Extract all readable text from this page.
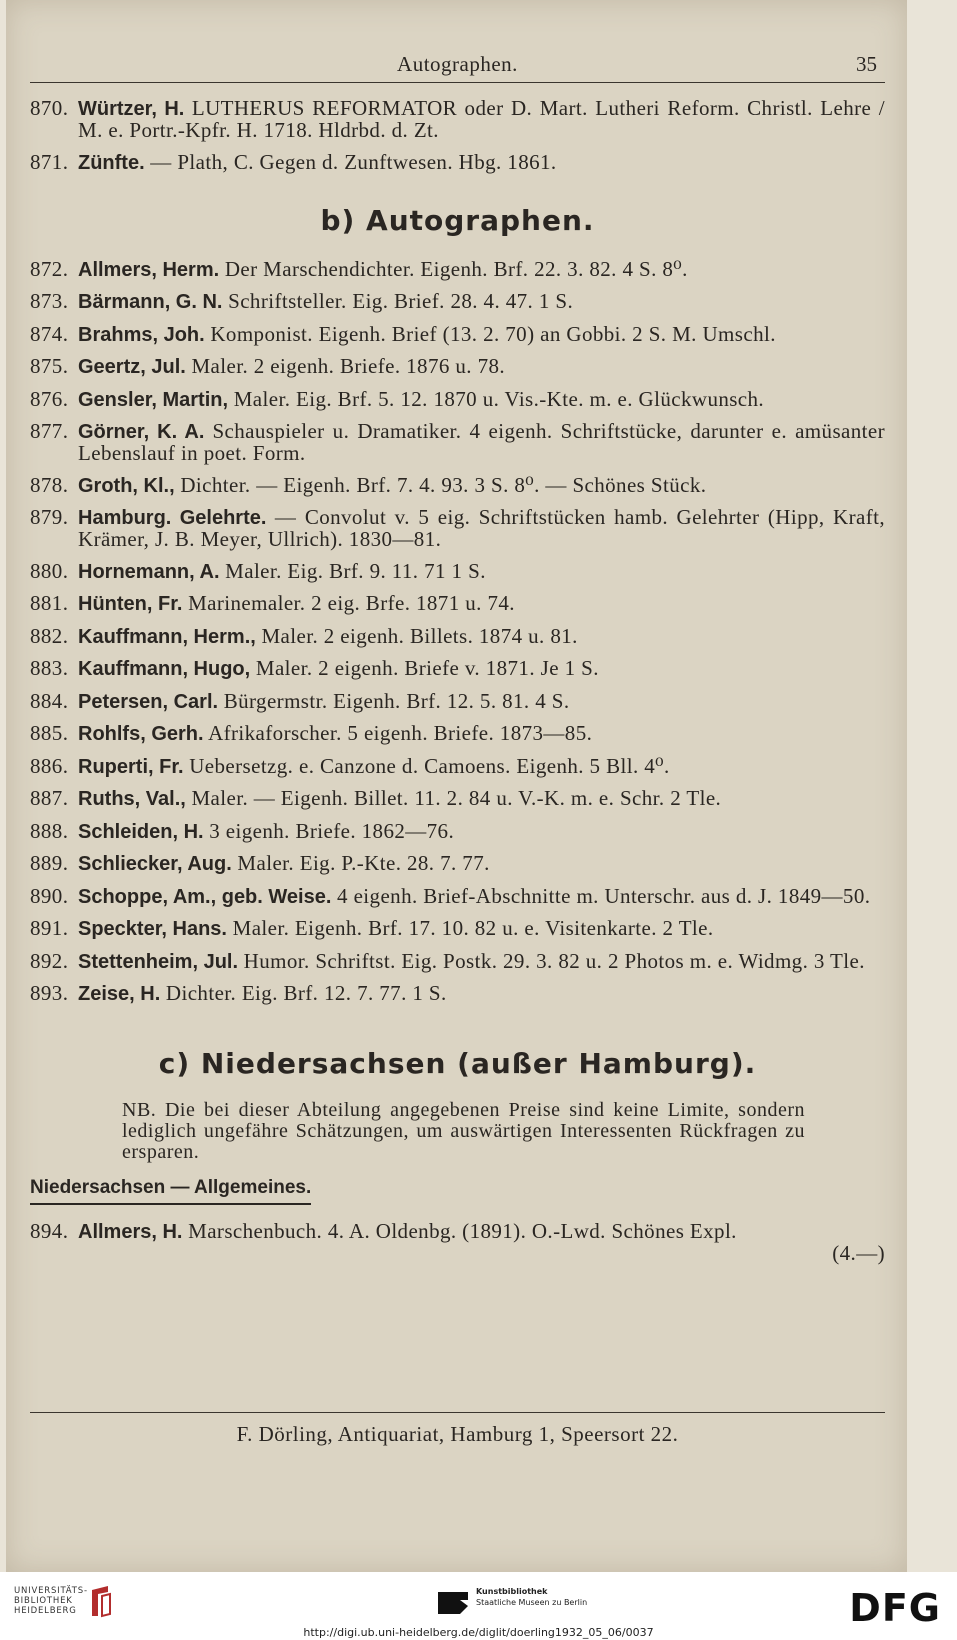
Autographen.	35
870. Würtzer, H. LUTHERUS REFORMATOR oder D. Mart. Lutheri Reform. Christl. Lehre / M. e. Portr.-Kpfr. H. 1718. Hldrbd. d. Zt.
871. Zünfte. — Plath, C. Gegen d. Zunftwesen. Hbg. 1861.
b) Autographen.
872. Allmers, Herm. Der Marschendichter. Eigenh. Brf. 22. 3. 82. 4 S. 8⁰.
873. Bärmann, G. N. Schriftsteller. Eig. Brief. 28. 4. 47. 1 S.
874. Brahms, Joh. Komponist. Eigenh. Brief (13. 2. 70) an Gobbi. 2 S. M. Umschl.
875. Geertz, Jul. Maler. 2 eigenh. Briefe. 1876 u. 78.
876. Gensler, Martin, Maler. Eig. Brf. 5. 12. 1870 u. Vis.-Kte. m. e. Glückwunsch.
877. Görner, K. A. Schauspieler u. Dramatiker. 4 eigenh. Schriftstücke, darunter e. amüsanter Lebenslauf in poet. Form.
878. Groth, Kl., Dichter. — Eigenh. Brf. 7. 4. 93. 3 S. 8⁰. — Schönes Stück.
879. Hamburg. Gelehrte. — Convolut v. 5 eig. Schriftstücken hamb. Gelehrter (Hipp, Kraft, Krämer, J. B. Meyer, Ullrich). 1830—81.
880. Hornemann, A. Maler. Eig. Brf. 9. 11. 71 1 S.
881. Hünten, Fr. Marinemaler. 2 eig. Brfe. 1871 u. 74.
882. Kauffmann, Herm., Maler. 2 eigenh. Billets. 1874 u. 81.
883. Kauffmann, Hugo, Maler. 2 eigenh. Briefe v. 1871. Je 1 S.
884. Petersen, Carl. Bürgermstr. Eigenh. Brf. 12. 5. 81. 4 S.
885. Rohlfs, Gerh. Afrikaforscher. 5 eigenh. Briefe. 1873—85.
886. Ruperti, Fr. Uebersetzg. e. Canzone d. Camoens. Eigenh. 5 Bll. 4⁰.
887. Ruths, Val., Maler. — Eigenh. Billet. 11. 2. 84 u. V.-K. m. e. Schr. 2 Tle.
888. Schleiden, H. 3 eigenh. Briefe. 1862—76.
889. Schliecker, Aug. Maler. Eig. P.-Kte. 28. 7. 77.
890. Schoppe, Am., geb. Weise. 4 eigenh. Brief-Abschnitte m. Unterschr. aus d. J. 1849—50.
891. Speckter, Hans. Maler. Eigenh. Brf. 17. 10. 82 u. e. Visitenkarte. 2 Tle.
892. Stettenheim, Jul. Humor. Schriftst. Eig. Postk. 29. 3. 82 u. 2 Photos m. e. Widmg. 3 Tle.
893. Zeise, H. Dichter. Eig. Brf. 12. 7. 77. 1 S.
c) Niedersachsen (außer Hamburg).
NB. Die bei dieser Abteilung angegebenen Preise sind keine Limite, sondern lediglich ungefähre Schätzungen, um auswärtigen Interessenten Rückfragen zu ersparen.
Niedersachsen — Allgemeines.
894. Allmers, H. Marschenbuch. 4. A. Oldenbg. (1891). O.-Lwd. Schönes Expl.
(4.—)
F. Dörling, Antiquariat, Hamburg 1, Speersort 22.
UNIVERSITÄTS-
BIBLIOTHEK
HEIDELBERG
Kunstbibliothek
Staatliche Museen zu Berlin	DFG
http://digi.ub.uni-heidelberg.de/diglit/doerling1932_05_06/0037
